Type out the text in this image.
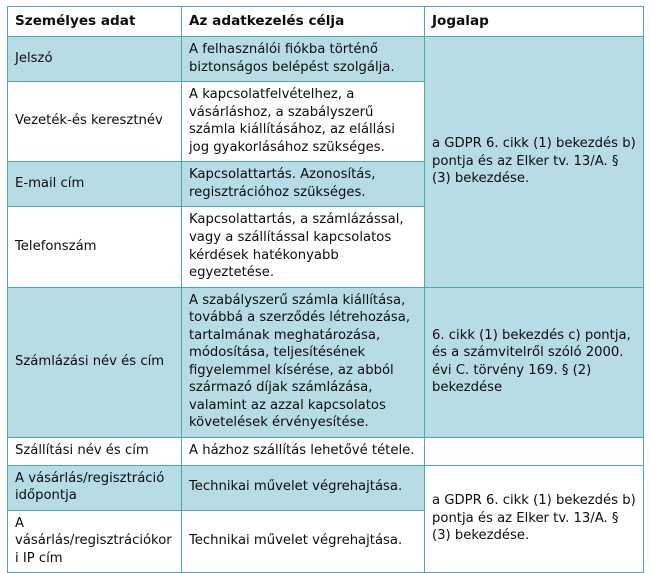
Személyes adat	Az adatkezelés célja	Jogalap
Jelszó	A felhasználói fiókba történő biztonságos belépést szolgálja.	a GDPR 6. cikk (1) bekezdés b) pontja és az Elker tv. 13/A. § (3) bekezdése.
Vezeték-és keresztnév	A kapcsolatfelvételhez, a vásárláshoz, a szabályszerű számla kiállításához, az elállási jog gyakorlásához szükséges.	
E-mail cím	Kapcsolattartás. Azonosítás, regisztrációhoz szükséges.	
Telefonszám	Kapcsolattartás, a számlázással, vagy a szállítással kapcsolatos kérdések hatékonyabb egyeztetése.	
Számlázási név és cím	A szabályszerű számla kiállítása, továbbá a szerződés létrehozása, tartalmának meghatározása, módosítása, teljesítésének figyelemmel kísérése, az abból származó díjak számlázása, valamint az azzal kapcsolatos követelések érvényesítése.	6. cikk (1) bekezdés c) pontja, és a számvitelről szóló 2000. évi C. törvény 169. § (2) bekezdése
Szállítási név és cím	A házhoz szállítás lehetővé tétele.	
A vásárlás/regisztráció időpontja	Technikai művelet végrehajtása.	a GDPR 6. cikk (1) bekezdés b) pontja és az Elker tv. 13/A. § (3) bekezdése.
A vásárlás/regisztrációkori IP cím	Technikai művelet végrehajtása.	
